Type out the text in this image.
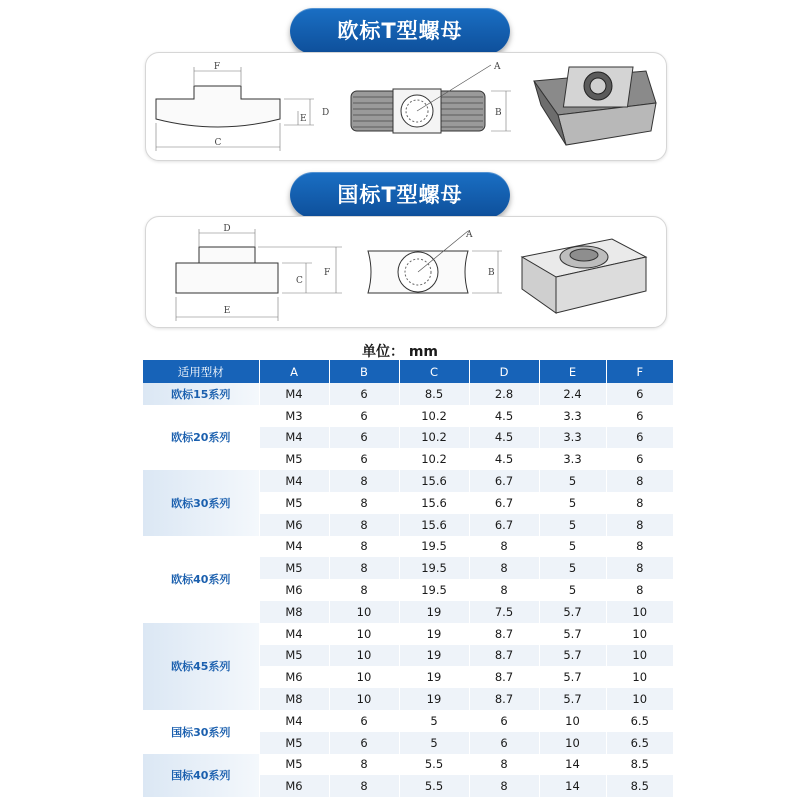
欧标T型螺母
F
C
D
E
A
B
国标T型螺母
D
C
F
E
A
B
单位： mm
适用型材	A	B	C	D	E	F
欧标15系列	M4	6	8.5	2.8	2.4	6
欧标20系列	M3	6	10.2	4.5	3.3	6
	M4	6	10.2	4.5	3.3	6
	M5	6	10.2	4.5	3.3	6
欧标30系列	M4	8	15.6	6.7	5	8
	M5	8	15.6	6.7	5	8
	M6	8	15.6	6.7	5	8
欧标40系列	M4	8	19.5	8	5	8
	M5	8	19.5	8	5	8
	M6	8	19.5	8	5	8
	M8	10	19	7.5	5.7	10
欧标45系列	M4	10	19	8.7	5.7	10
	M5	10	19	8.7	5.7	10
	M6	10	19	8.7	5.7	10
	M8	10	19	8.7	5.7	10
国标30系列	M4	6	5	6	10	6.5
	M5	6	5	6	10	6.5
国标40系列	M5	8	5.5	8	14	8.5
	M6	8	5.5	8	14	8.5
